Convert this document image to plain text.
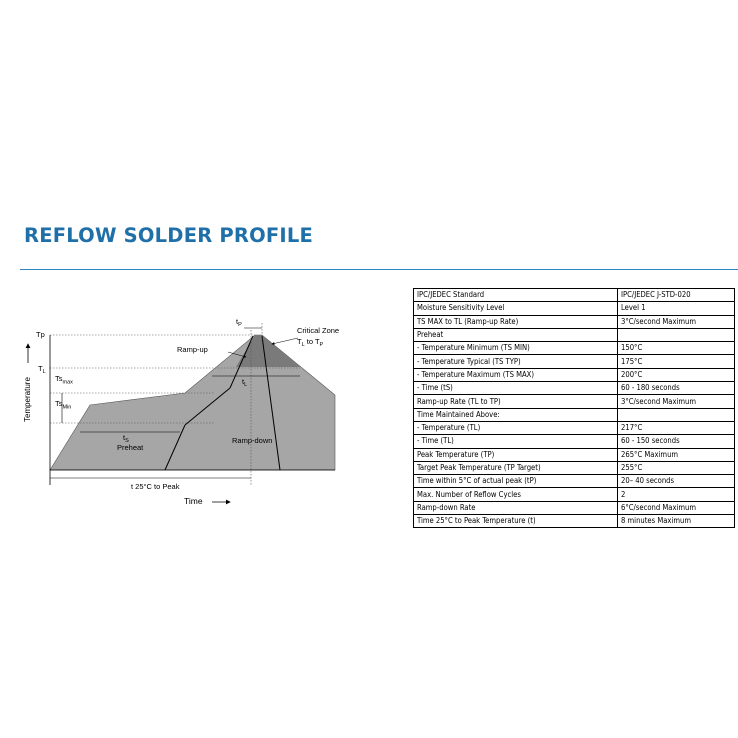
REFLOW SOLDER PROFILE
Tp
$T_L$
$Ts_{max}$
$Ts_{Min}$
$t_P$
Critical Zone
$T_L$ to $T_P$
Ramp-up
$t_L$
$t_S$
Preheat
Ramp-down
t 25°C to Peak
Temperature
Time
IPC/JEDEC Standard	IPC/JEDEC J-STD-020
Moisture Sensitivity Level	Level 1
TS MAX to TL (Ramp-up Rate)	3°C/second Maximum
Preheat	
- Temperature Minimum (TS MIN)	150°C
- Temperature Typical (TS TYP)	175°C
- Temperature Maximum (TS MAX)	200°C
- Time (tS)	60 - 180 seconds
Ramp-up Rate (TL to TP)	3°C/second Maximum
Time Maintained Above:	
- Temperature (TL)	217°C
- Time (TL)	60 - 150 seconds
Peak Temperature (TP)	265°C Maximum
Target Peak Temperature (TP Target)	255°C
Time within 5°C of actual peak (tP)	20– 40 seconds
Max. Number of Reflow Cycles	2
Ramp-down Rate	6°C/second Maximum
Time 25°C to Peak Temperature (t)	8 minutes Maximum
